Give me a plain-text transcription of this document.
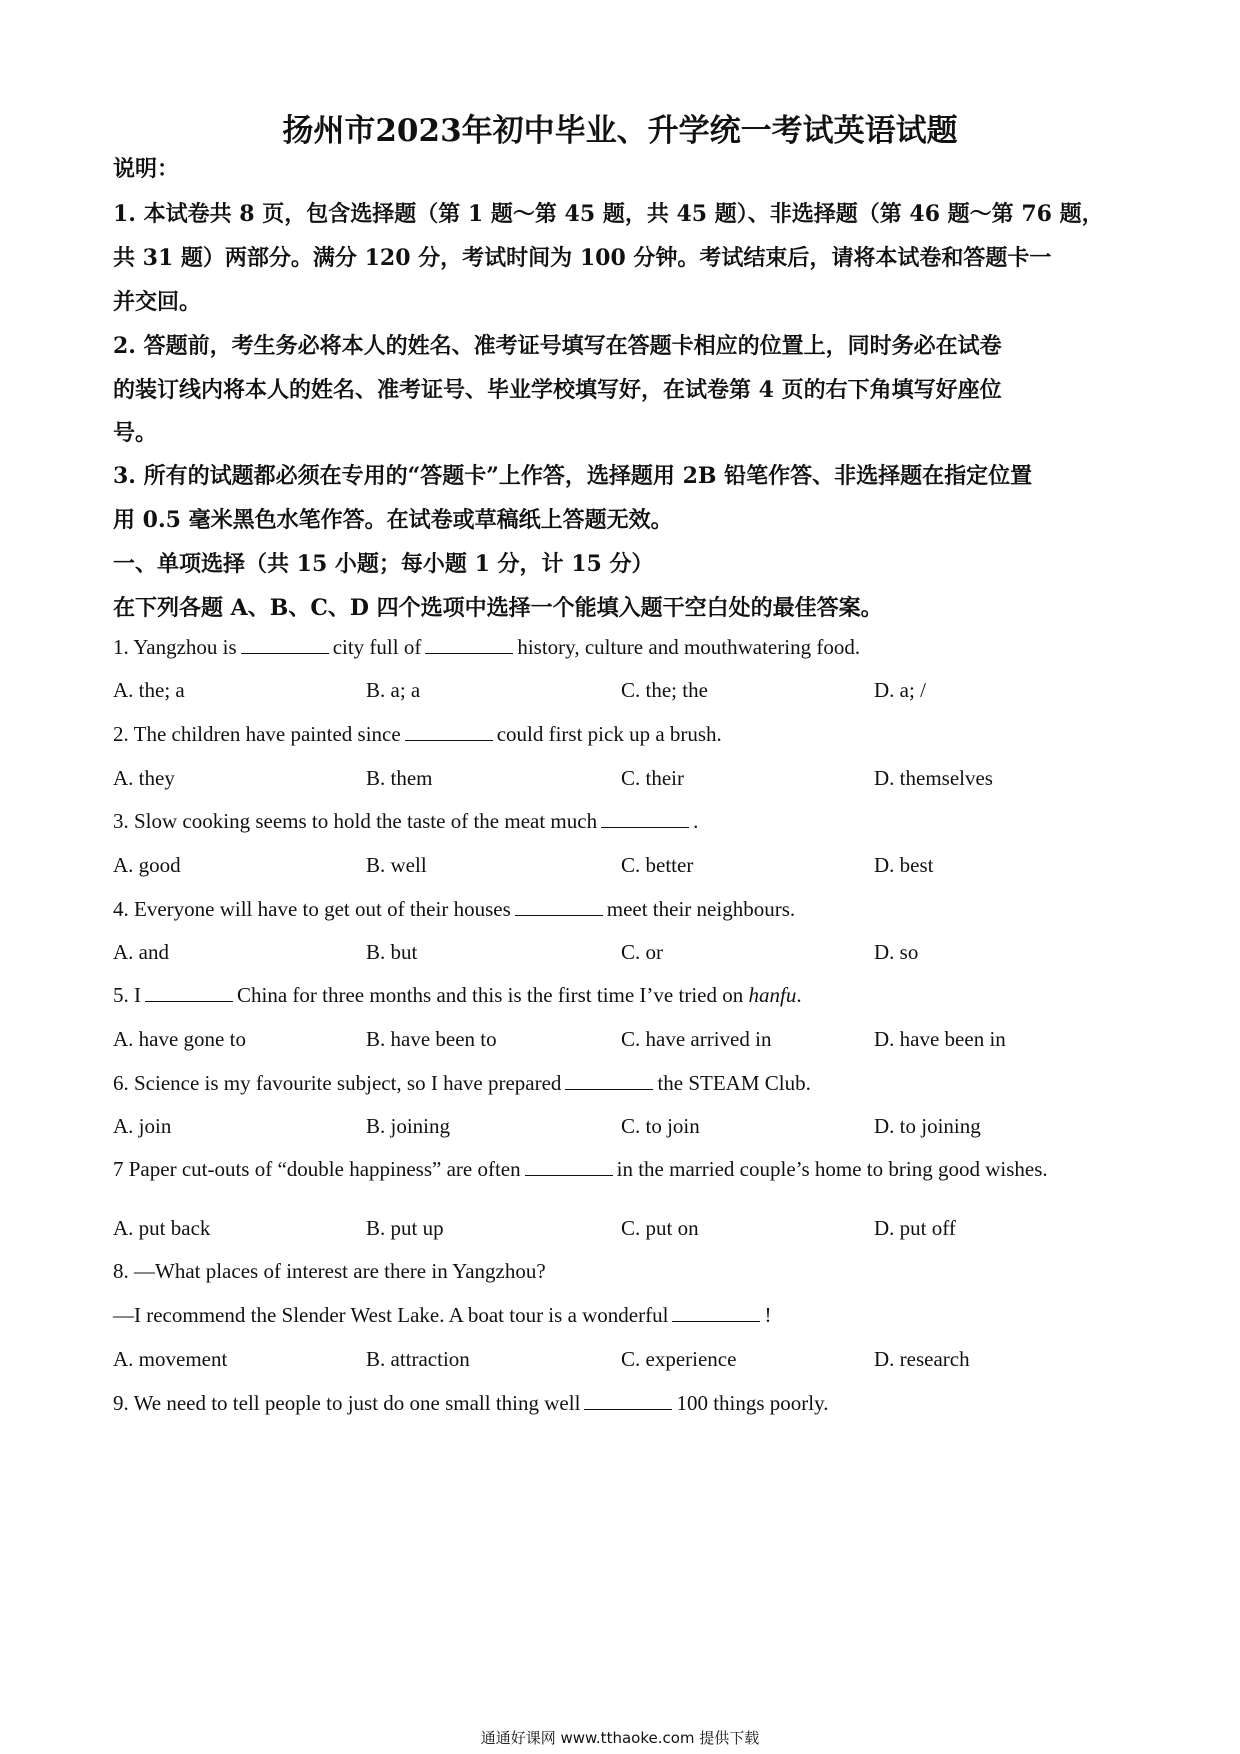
扬州市2023年初中毕业、升学统一考试英语试题
说明：
1. 本试卷共 8 页，包含选择题（第 1 题～第 45 题，共 45 题）、非选择题（第 46 题～第 76 题，
共 31 题）两部分。满分 120 分，考试时间为 100 分钟。考试结束后，请将本试卷和答题卡一
并交回。
2. 答题前，考生务必将本人的姓名、准考证号填写在答题卡相应的位置上，同时务必在试卷
的装订线内将本人的姓名、准考证号、毕业学校填写好，在试卷第 4 页的右下角填写好座位
号。
3. 所有的试题都必须在专用的“答题卡”上作答，选择题用 2B 铅笔作答、非选择题在指定位置
用 0.5 毫米黑色水笔作答。在试卷或草稿纸上答题无效。
一、单项选择（共 15 小题；每小题 1 分，计 15 分）
在下列各题 A、B、C、D 四个选项中选择一个能填入题干空白处的最佳答案。
1. Yangzhou is	city full of	history, culture and mouthwatering food.
A. the; a	B. a; a	C. the; the	D. a; /
2. The children have painted since	could first pick up a brush.
A. they	B. them	C. their	D. themselves
3. Slow cooking seems to hold the taste of the meat much	.
A. good	B. well	C. better	D. best
4. Everyone will have to get out of their houses	meet their neighbours.
A. and	B. but	C. or	D. so
5. I	China for three months and this is the first time I’ve tried on hanfu.
A. have gone to	B. have been to	C. have arrived in	D. have been in
6. Science is my favourite subject, so I have prepared	the STEAM Club.
A. join	B. joining	C. to join	D. to joining
7 Paper cut-outs of “double happiness” are often	in the married couple’s home to bring good wishes.
A. put back	B. put up	C. put on	D. put off
8. —What places of interest are there in Yangzhou?
—I recommend the Slender West Lake. A boat tour is a wonderful	!
A. movement	B. attraction	C. experience	D. research
9. We need to tell people to just do one small thing well	100 things poorly.
通通好课网 www.tthaoke.com 提供下载
